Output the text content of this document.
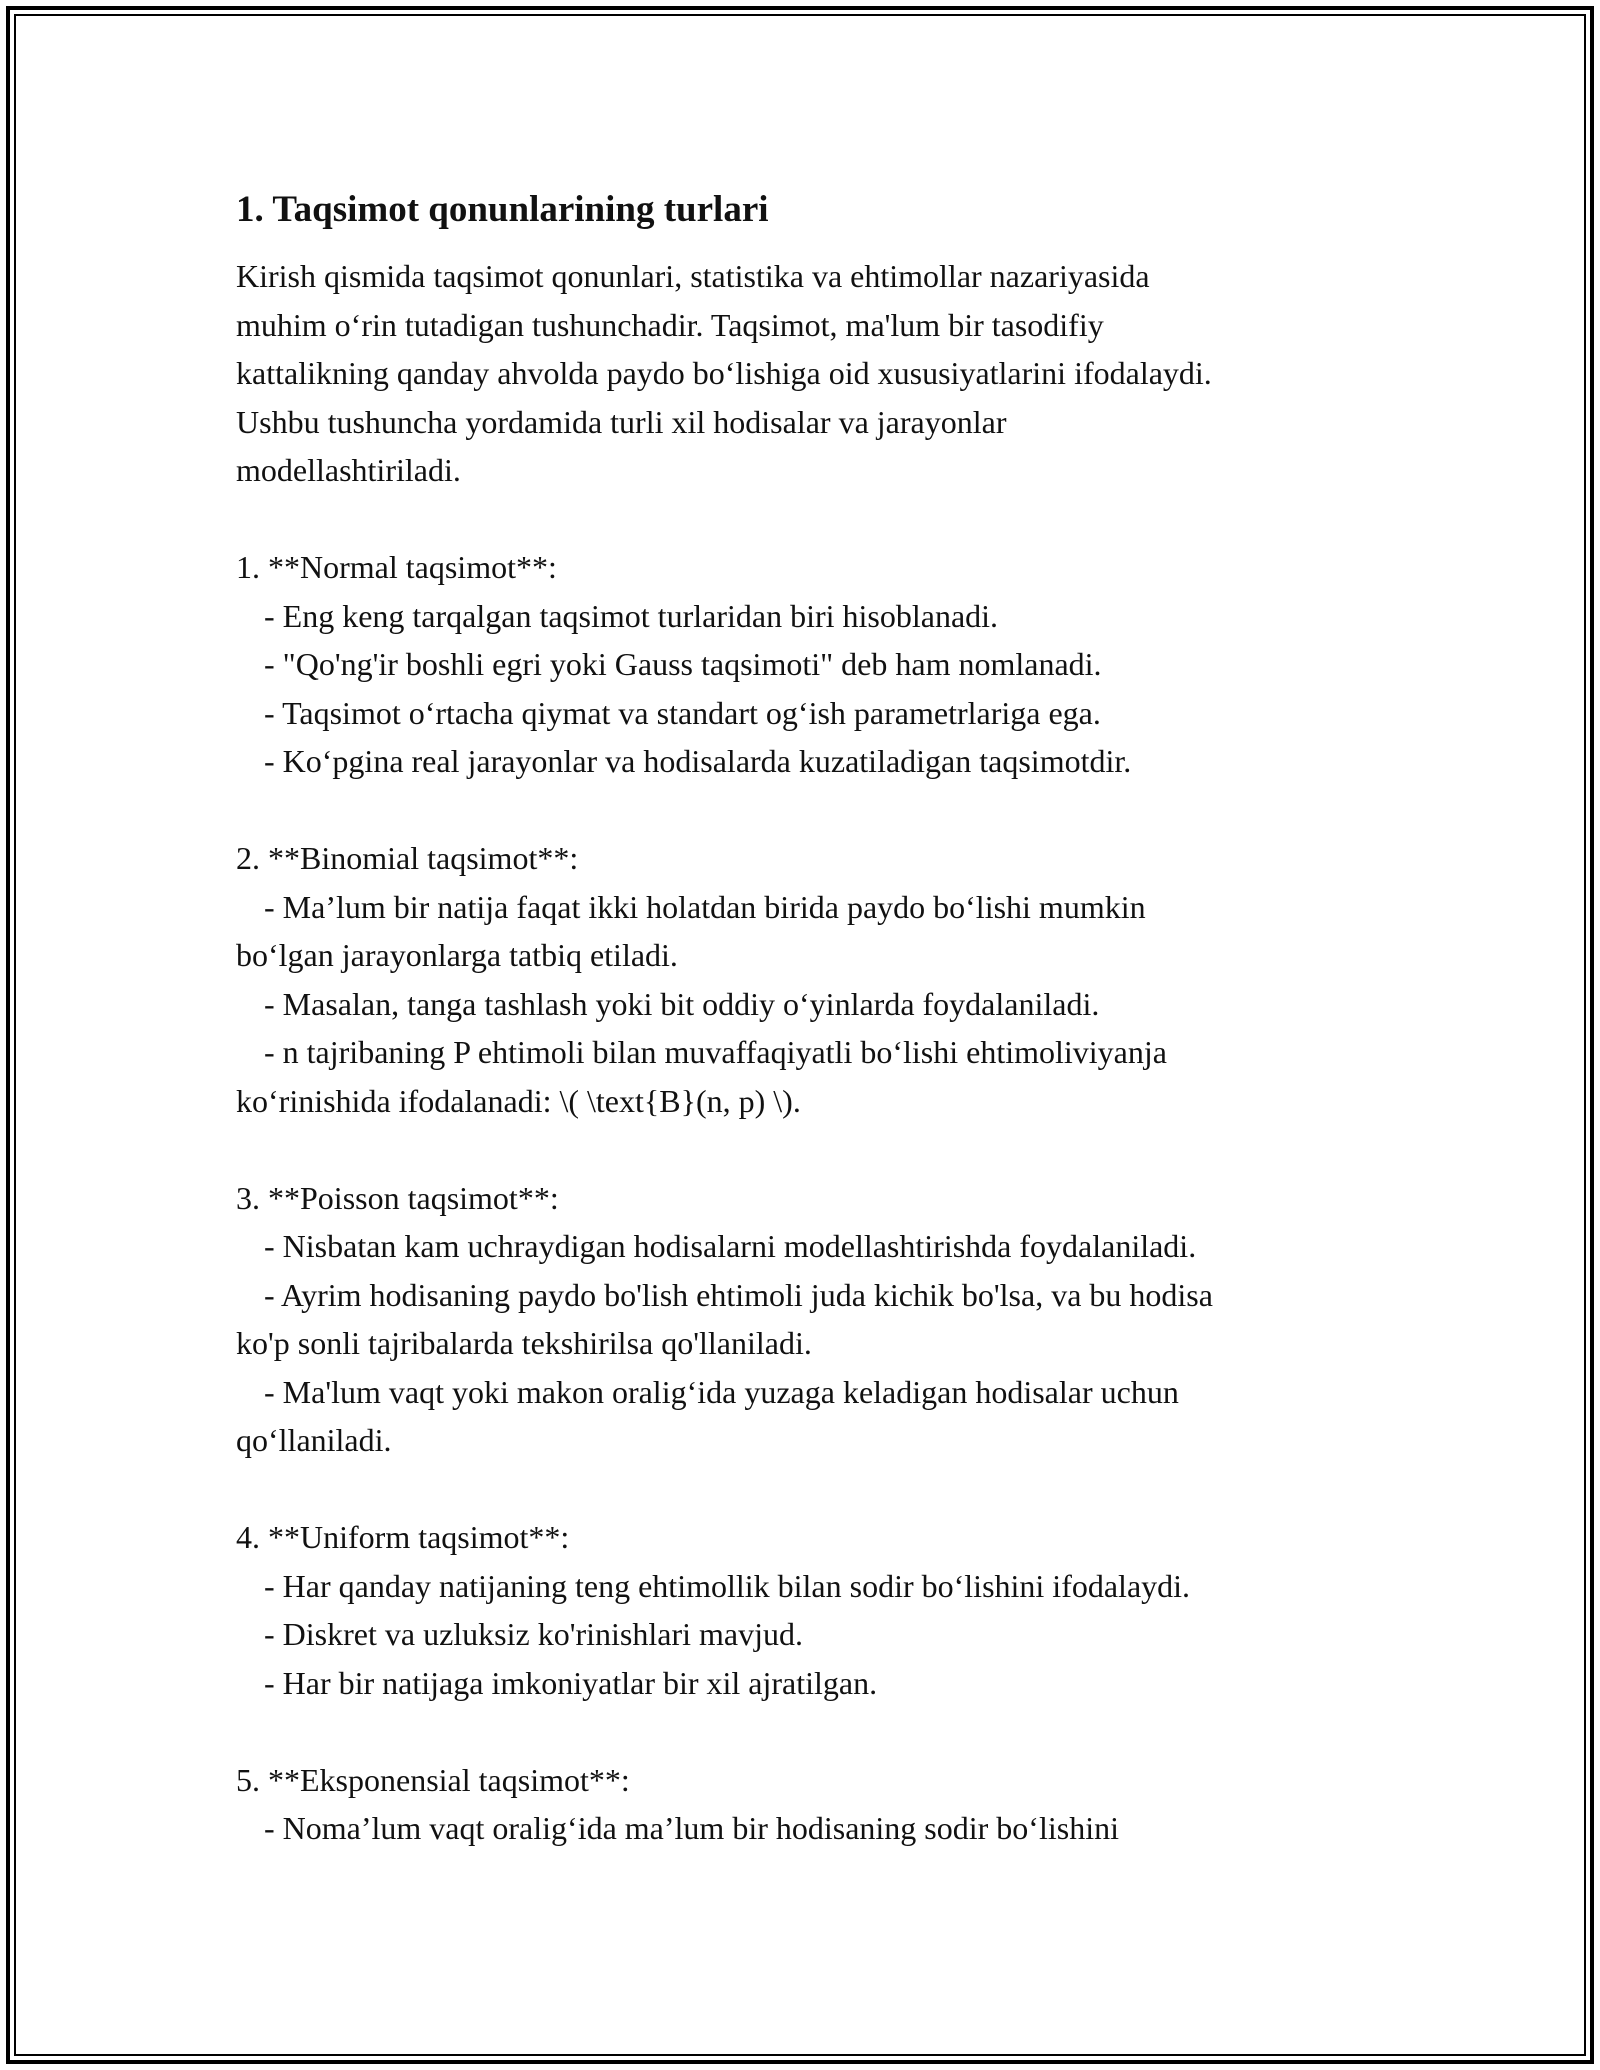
1. Taqsimot qonunlarining turlari
Kirish qismida taqsimot qonunlari, statistika va ehtimollar nazariyasida
muhim o‘rin tutadigan tushunchadir. Taqsimot, ma'lum bir tasodifiy
kattalikning qanday ahvolda paydo bo‘lishiga oid xususiyatlarini ifodalaydi.
Ushbu tushuncha yordamida turli xil hodisalar va jarayonlar
modellashtiriladi.
1. **Normal taqsimot**:
- Eng keng tarqalgan taqsimot turlaridan biri hisoblanadi.
- "Qo'ng'ir boshli egri yoki Gauss taqsimoti" deb ham nomlanadi.
- Taqsimot o‘rtacha qiymat va standart og‘ish parametrlariga ega.
- Ko‘pgina real jarayonlar va hodisalarda kuzatiladigan taqsimotdir.
2. **Binomial taqsimot**:
- Ma’lum bir natija faqat ikki holatdan birida paydo bo‘lishi mumkin
bo‘lgan jarayonlarga tatbiq etiladi.
- Masalan, tanga tashlash yoki bit oddiy o‘yinlarda foydalaniladi.
- n tajribaning P ehtimoli bilan muvaffaqiyatli bo‘lishi ehtimoliviyanja
ko‘rinishida ifodalanadi: \( \text{B}(n, p) \).
3. **Poisson taqsimot**:
- Nisbatan kam uchraydigan hodisalarni modellashtirishda foydalaniladi.
- Ayrim hodisaning paydo bo'lish ehtimoli juda kichik bo'lsa, va bu hodisa
ko'p sonli tajribalarda tekshirilsa qo'llaniladi.
- Ma'lum vaqt yoki makon oralig‘ida yuzaga keladigan hodisalar uchun
qo‘llaniladi.
4. **Uniform taqsimot**:
- Har qanday natijaning teng ehtimollik bilan sodir bo‘lishini ifodalaydi.
- Diskret va uzluksiz ko'rinishlari mavjud.
- Har bir natijaga imkoniyatlar bir xil ajratilgan.
5. **Eksponensial taqsimot**:
- Noma’lum vaqt oralig‘ida ma’lum bir hodisaning sodir bo‘lishini
